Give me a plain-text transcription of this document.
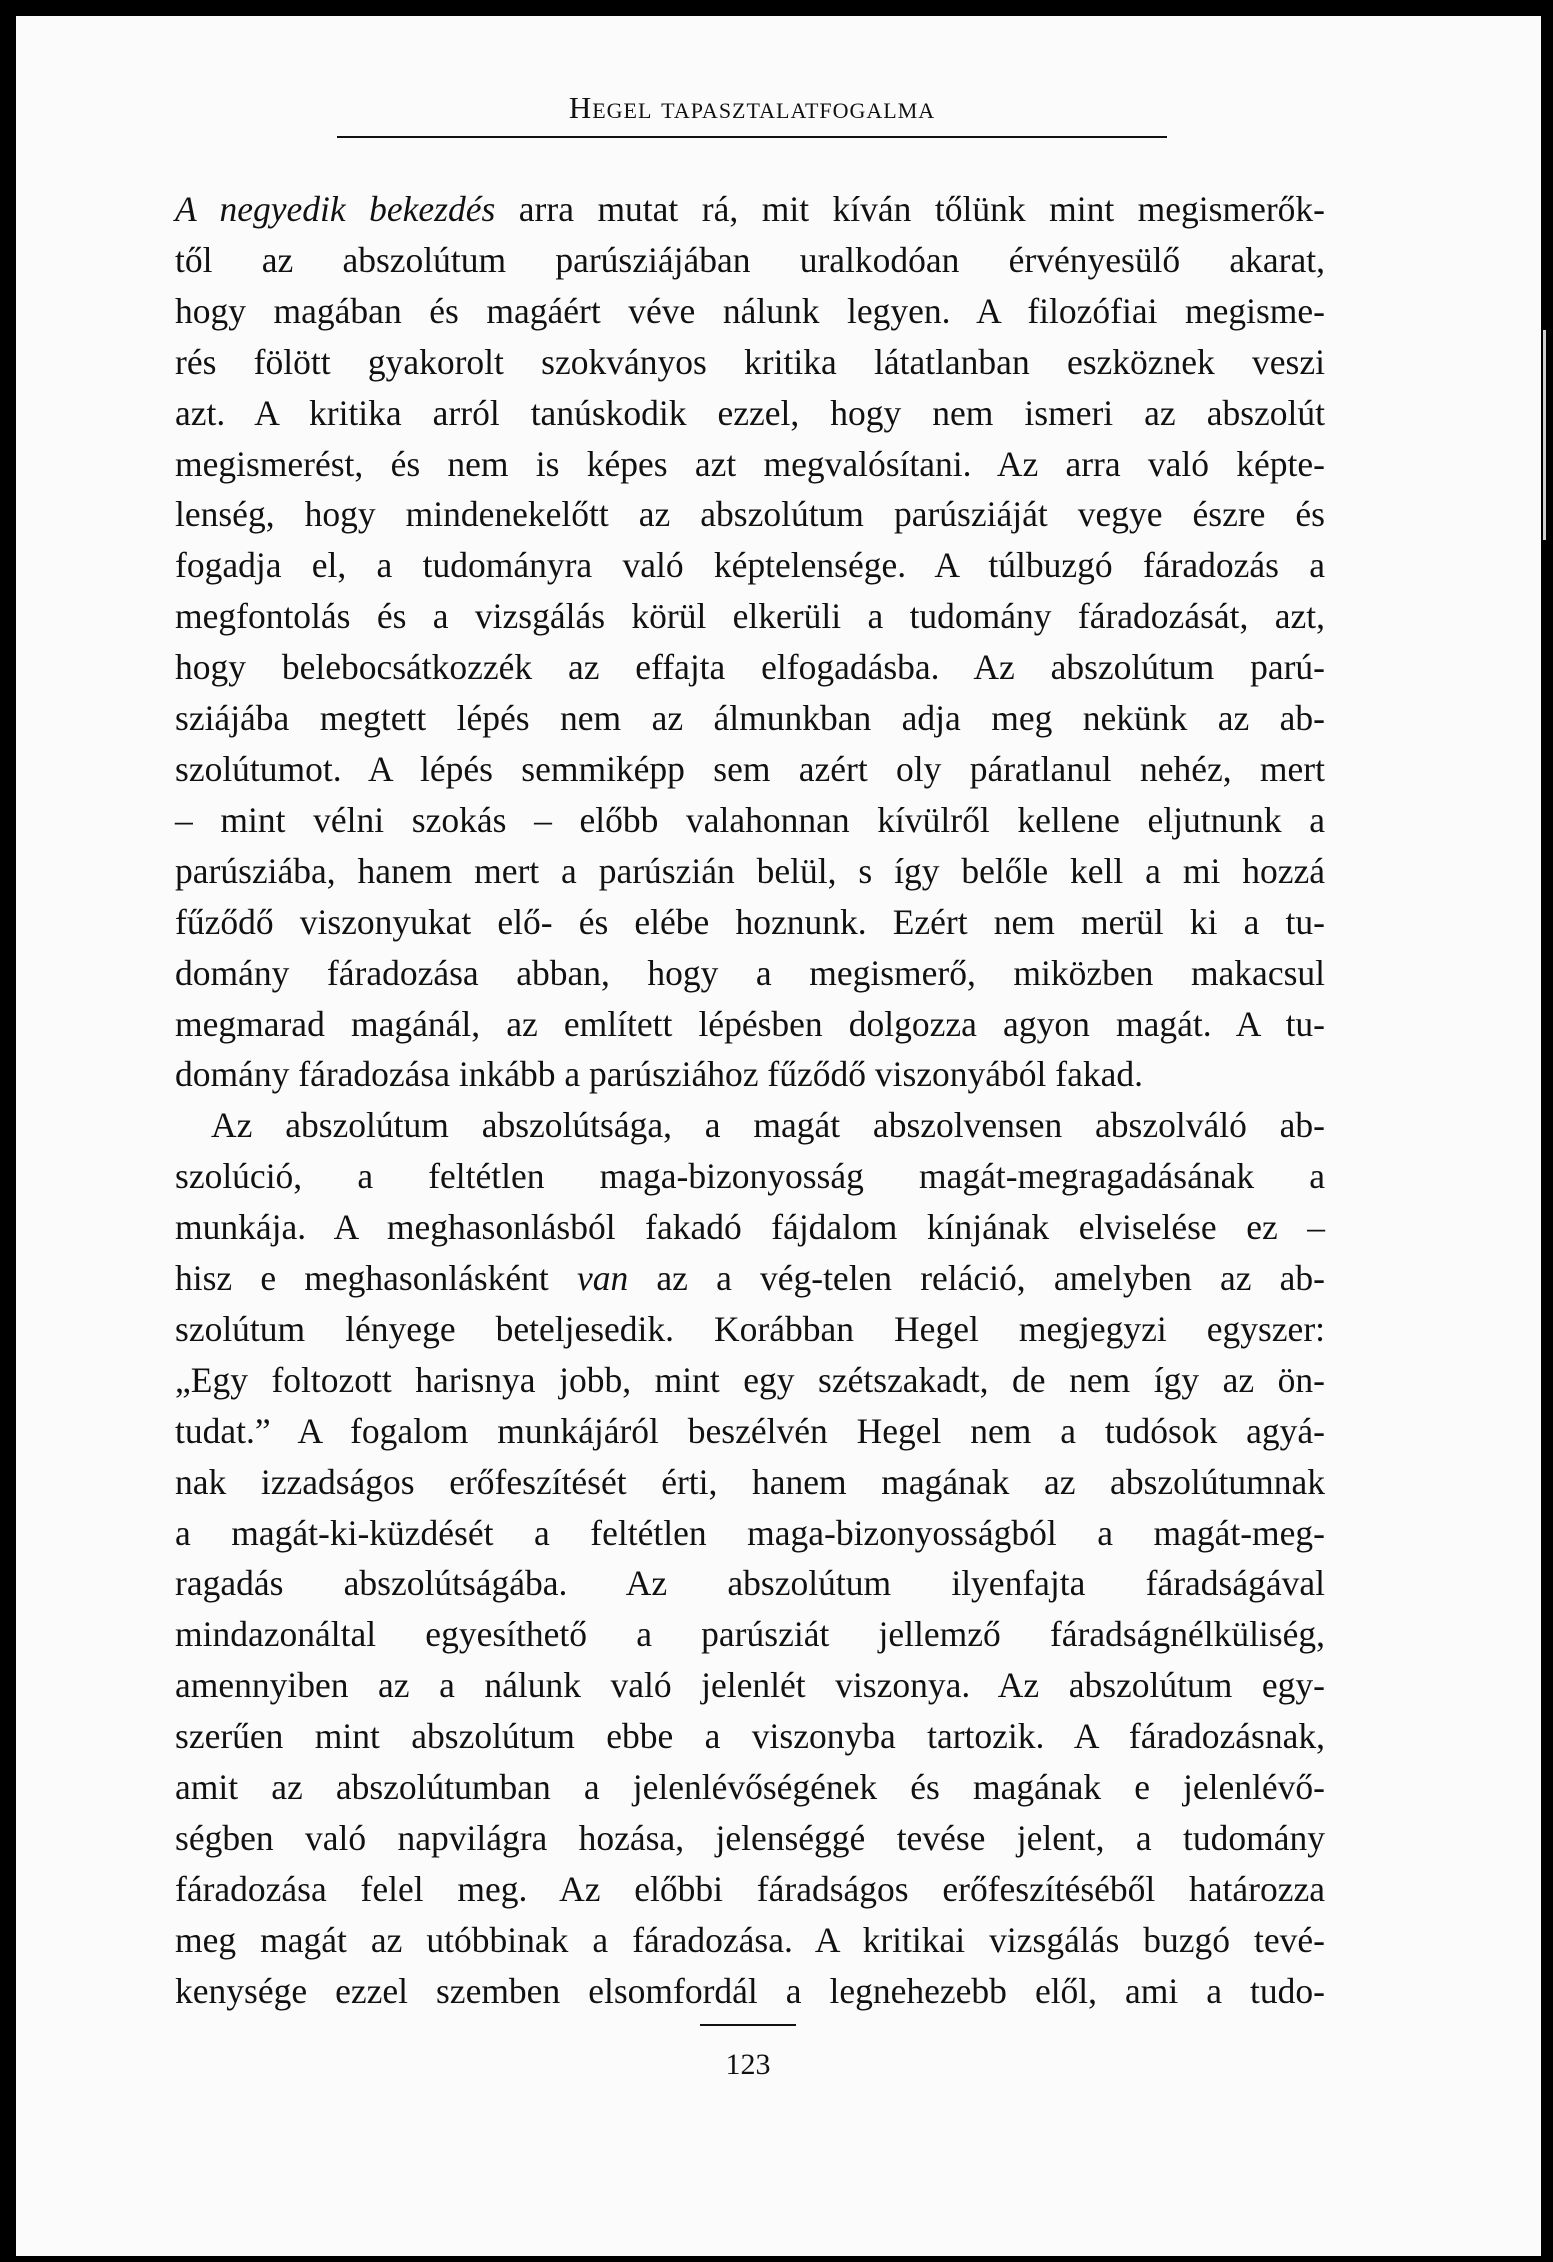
Hegel tapasztalatfogalma

A negyedik bekezdés arra mutat rá, mit kíván tőlünk mint megismerők-

től az abszolútum parúsziájában uralkodóan érvényesülő akarat,

hogy magában és magáért véve nálunk legyen. A filozófiai megisme-

rés fölött gyakorolt szokványos kritika látatlanban eszköznek veszi

azt. A kritika arról tanúskodik ezzel, hogy nem ismeri az abszolút

megismerést, és nem is képes azt megvalósítani. Az arra való képte-

lenség, hogy mindenekelőtt az abszolútum parúsziáját vegye észre és

fogadja el, a tudományra való képtelensége. A túlbuzgó fáradozás a

megfontolás és a vizsgálás körül elkerüli a tudomány fáradozását, azt,

hogy belebocsátkozzék az effajta elfogadásba. Az abszolútum parú-

sziájába megtett lépés nem az álmunkban adja meg nekünk az ab-

szolútumot. A lépés semmiképp sem azért oly páratlanul nehéz, mert

– mint vélni szokás – előbb valahonnan kívülről kellene eljutnunk a

parúsziába, hanem mert a parúszián belül, s így belőle kell a mi hozzá

fűződő viszonyukat elő- és elébe hoznunk. Ezért nem merül ki a tu-

domány fáradozása abban, hogy a megismerő, miközben makacsul

megmarad magánál, az említett lépésben dolgozza agyon magát. A tu-

domány fáradozása inkább a parúsziához fűződő viszonyából fakad.

Az abszolútum abszolútsága, a magát abszolvensen abszolváló ab-

szolúció, a feltétlen maga-bizonyosság magát-megragadásának a

munkája. A meghasonlásból fakadó fájdalom kínjának elviselése ez –

hisz e meghasonlásként van az a vég-telen reláció, amelyben az ab-

szolútum lényege beteljesedik. Korábban Hegel megjegyzi egyszer:

„Egy foltozott harisnya jobb, mint egy szétszakadt, de nem így az ön-

tudat.” A fogalom munkájáról beszélvén Hegel nem a tudósok agyá-

nak izzadságos erőfeszítését érti, hanem magának az abszolútumnak

a magát-ki-küzdését a feltétlen maga-bizonyosságból a magát-meg-

ragadás abszolútságába. Az abszolútum ilyenfajta fáradságával

mindazonáltal egyesíthető a parúsziát jellemző fáradságnélküliség,

amennyiben az a nálunk való jelenlét viszonya. Az abszolútum egy-

szerűen mint abszolútum ebbe a viszonyba tartozik. A fáradozásnak,

amit az abszolútumban a jelenlévőségének és magának e jelenlévő-

ségben való napvilágra hozása, jelenséggé tevése jelent, a tudomány

fáradozása felel meg. Az előbbi fáradságos erőfeszítéséből határozza

meg magát az utóbbinak a fáradozása. A kritikai vizsgálás buzgó tevé-

kenysége ezzel szemben elsomfordál a legnehezebb elől, ami a tudo-

123
